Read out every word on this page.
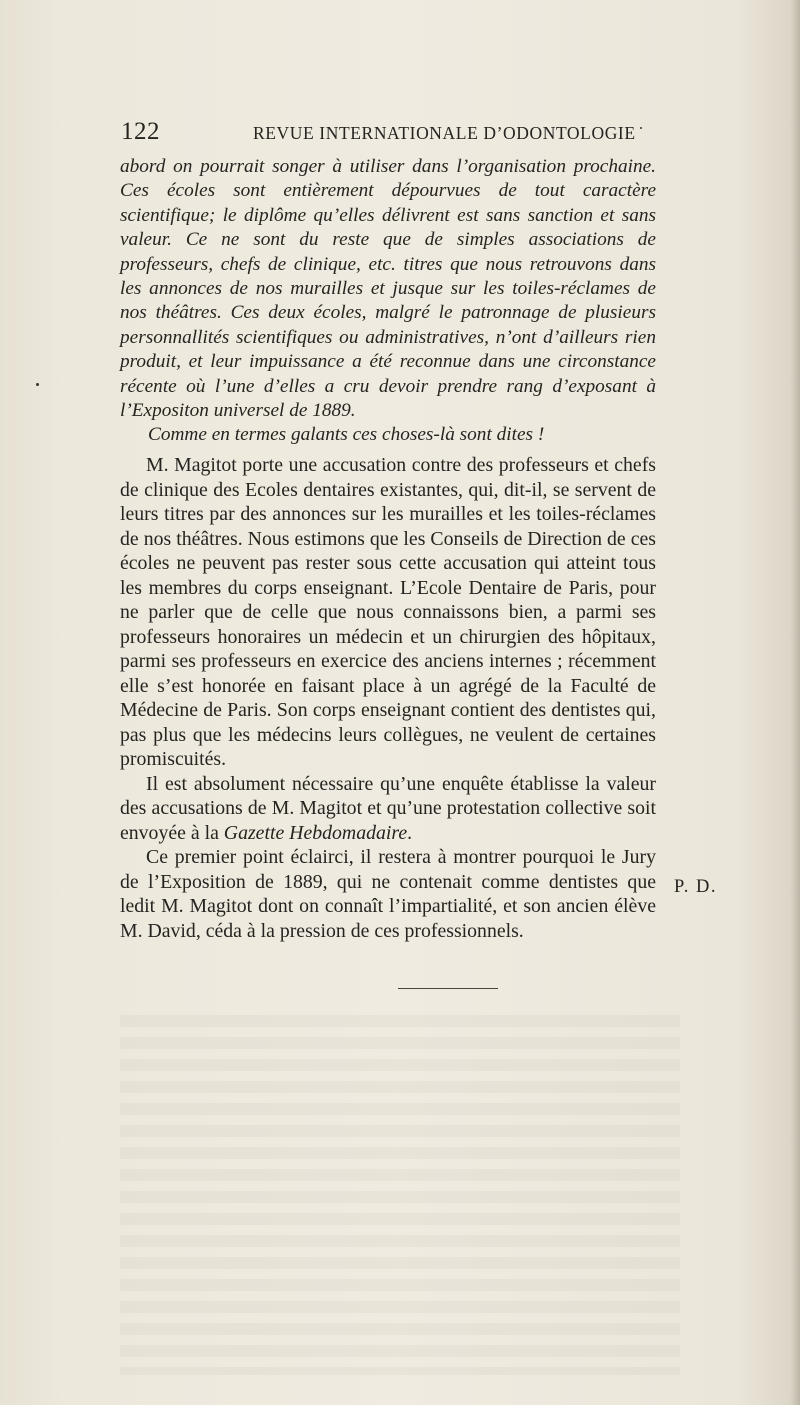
122	REVUE INTERNATIONALE D’ODONTOLOGIE

abord on pourrait songer à utiliser dans l’organisation prochaine. Ces écoles sont entièrement dépourvues de tout caractère scientifique; le diplôme qu’elles délivrent est sans sanction et sans valeur. Ce ne sont du reste que de simples associations de professeurs, chefs de clinique, etc. titres que nous retrouvons dans les annonces de nos murailles et jusque sur les toiles-réclames de nos théâtres. Ces deux écoles, malgré le patronnage de plusieurs personnallités scientifiques ou administratives, n’ont d’ailleurs rien produit, et leur impuissance a été reconnue dans une circonstance récente où l’une d’elles a cru devoir prendre rang d’exposant à l’Expositon universel de 1889.

Comme en termes galants ces choses-là sont dites !

M. Magitot porte une accusation contre des professeurs et chefs de clinique des Ecoles dentaires existantes, qui, dit-il, se servent de leurs titres par des annonces sur les murailles et les toiles-réclames de nos théâtres. Nous estimons que les Conseils de Direction de ces écoles ne peuvent pas rester sous cette accusation qui atteint tous les membres du corps enseignant. L’Ecole Dentaire de Paris, pour ne parler que de celle que nous connaissons bien, a parmi ses professeurs honoraires un médecin et un chirurgien des hôpitaux, parmi ses professeurs en exercice des anciens internes ; récemment elle s’est honorée en faisant place à un agrégé de la Faculté de Médecine de Paris. Son corps enseignant contient des dentistes qui, pas plus que les médecins leurs collègues, ne veulent de certaines promiscuités.

Il est absolument nécessaire qu’une enquête établisse la valeur des accusations de M. Magitot et qu’une protestation collective soit envoyée à la Gazette Hebdomadaire.

Ce premier point éclairci, il restera à montrer pourquoi le Jury de l’Exposition de 1889, qui ne contenait comme dentistes que ledit M. Magitot dont on connaît l’impartialité, et son ancien élève M. David, céda à la pression de ces professionnels.

P. D.
